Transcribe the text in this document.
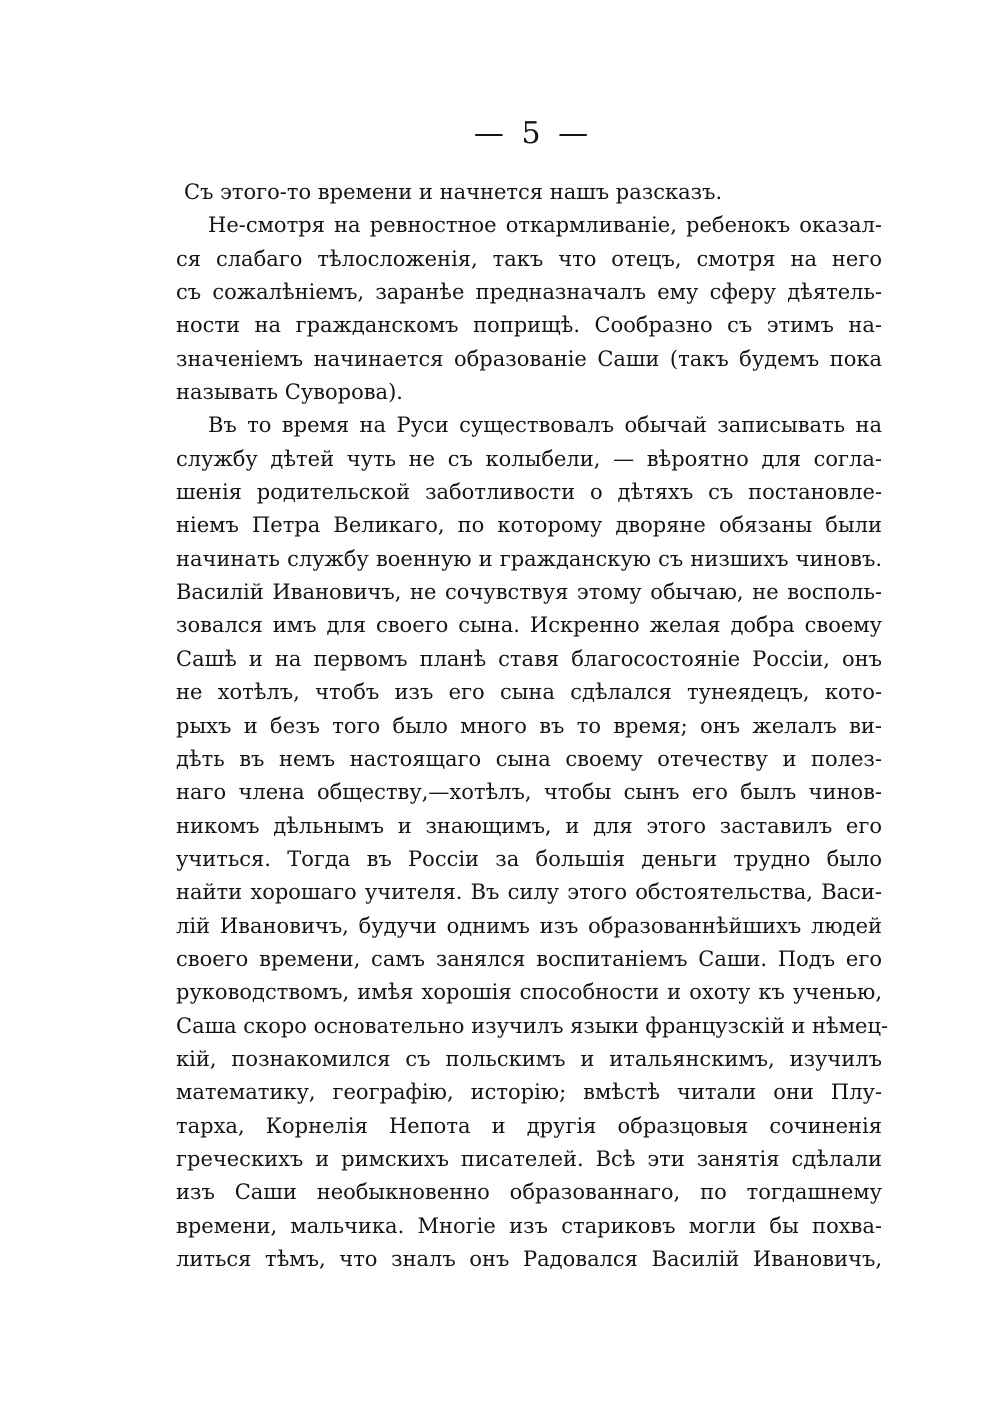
— 5 —
Съ этого-то времени и начнется нашъ разсказъ.
Не-смотря на ревностное откармливаніе, ребенокъ оказал-
ся слабаго тѣлосложенія, такъ что отецъ, смотря на него
съ сожалѣніемъ, заранѣе предназначалъ ему сферу дѣятель-
ности на гражданскомъ поприщѣ. Сообразно съ этимъ на-
значеніемъ начинается образованіе Саши (такъ будемъ пока
называть Суворова).
Въ то время на Руси существовалъ обычай записывать на
службу дѣтей чуть не съ колыбели, — вѣроятно для согла-
шенія родительской заботливости о дѣтяхъ съ постановле-
ніемъ Петра Великаго, по которому дворяне обязаны были
начинать службу военную и гражданскую съ низшихъ чиновъ.
Василій Ивановичъ, не сочувствуя этому обычаю, не восполь-
зовался имъ для своего сына. Искренно желая добра своему
Сашѣ и на первомъ планѣ ставя благосостояніе Россіи, онъ
не хотѣлъ, чтобъ изъ его сына сдѣлался тунеядецъ, кото-
рыхъ и безъ того было много въ то время; онъ желалъ ви-
дѣть въ немъ настоящаго сына своему отечеству и полез-
наго члена обществу,—хотѣлъ, чтобы сынъ его былъ чинов-
никомъ дѣльнымъ и знающимъ, и для этого заставилъ его
учиться. Тогда въ Россіи за большія деньги трудно было
найти хорошаго учителя. Въ силу этого обстоятельства, Васи-
лій Ивановичъ, будучи однимъ изъ образованнѣйшихъ людей
своего времени, самъ занялся воспитаніемъ Саши. Подъ его
руководствомъ, имѣя хорошія способности и охоту къ ученью,
Саша скоро основательно изучилъ языки французскій и нѣмец-
кій, познакомился съ польскимъ и итальянскимъ, изучилъ
математику, географію, исторію; вмѣстѣ читали они Плу-
тарха, Корнелія Непота и другія образцовыя сочиненія
греческихъ и римскихъ писателей. Всѣ эти занятія сдѣлали
изъ Саши необыкновенно образованнаго, по тогдашнему
времени, мальчика. Многіе изъ стариковъ могли бы похва-
литься тѣмъ, что зналъ онъ Радовался Василій Ивановичъ,
